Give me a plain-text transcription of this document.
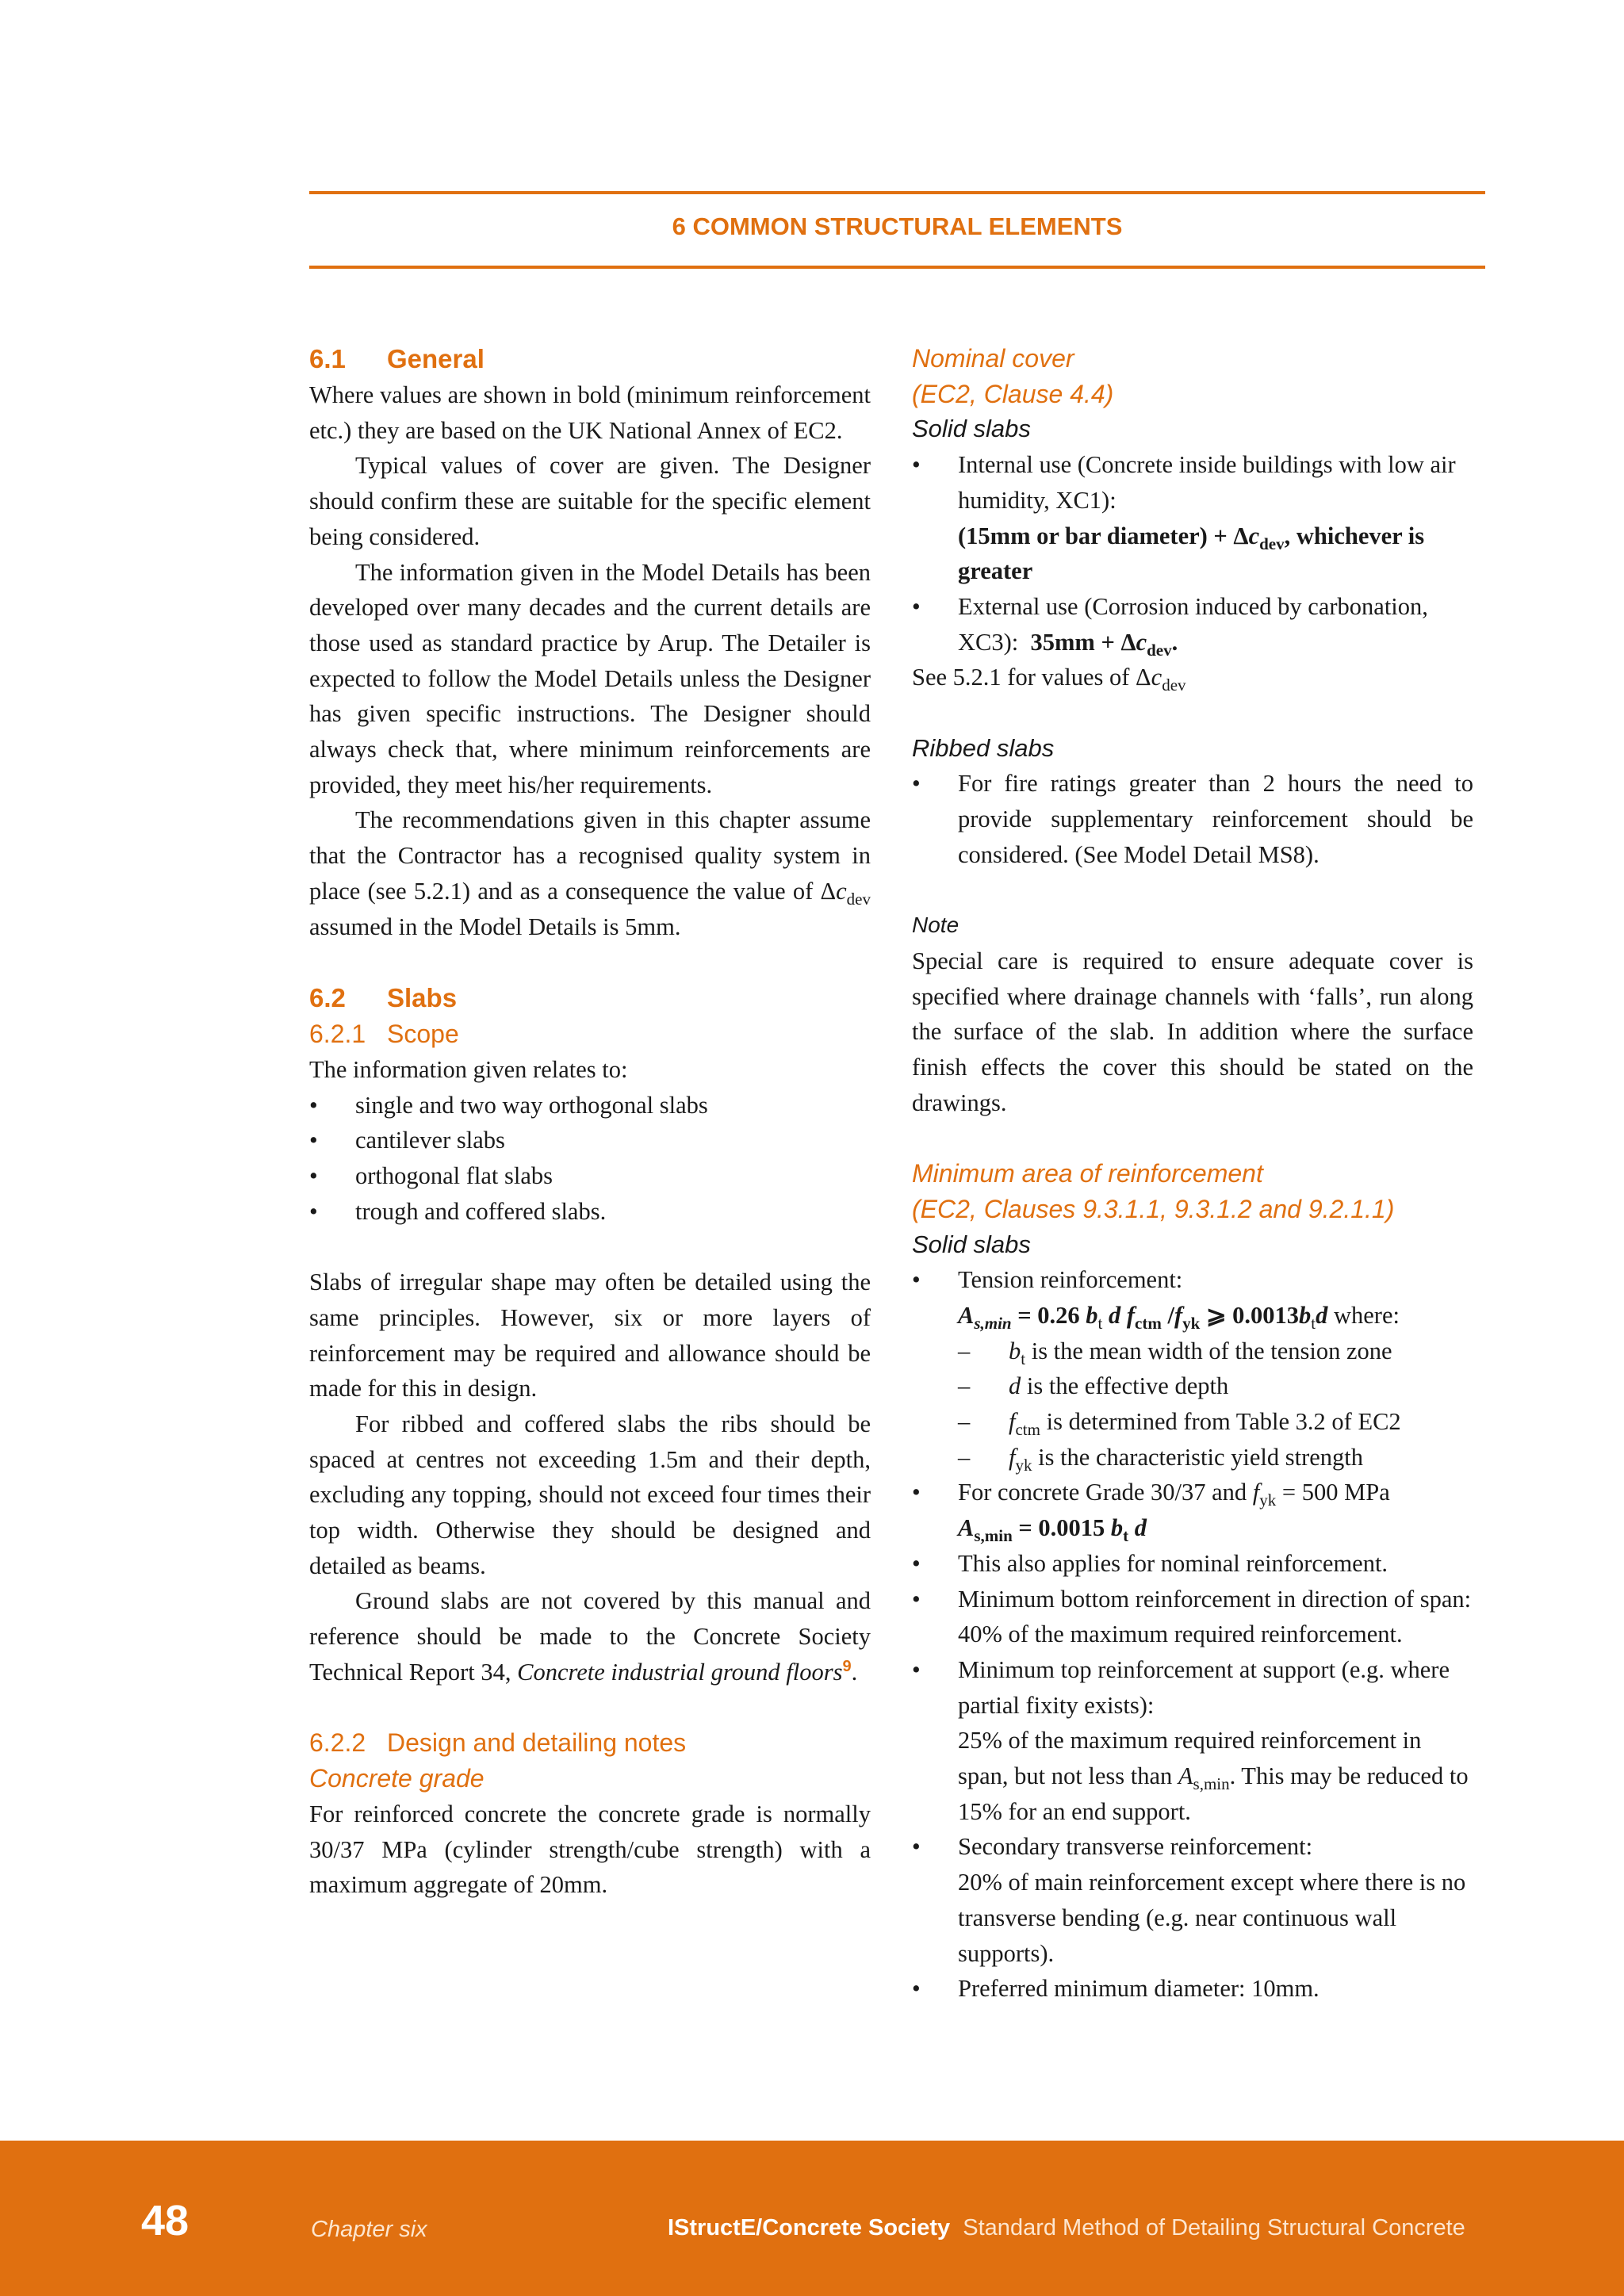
6 COMMON STRUCTURAL ELEMENTS
6.1 General

Where values are shown in bold (minimum reinforcement etc.) they are based on the UK National Annex of EC2.

Typical values of cover are given. The Designer should confirm these are suitable for the specific element being considered.

The information given in the Model Details has been developed over many decades and the current details are those used as standard practice by Arup. The Detailer is expected to follow the Model Details unless the Designer has given specific instructions. The Designer should always check that, where minimum reinforcements are provided, they meet his/her requirements.

The recommendations given in this chapter assume that the Contractor has a recognised quality system in place (see 5.2.1) and as a consequence the value of $\Delta c_{dev}$ assumed in the Model Details is 5mm.

6.2 Slabs
6.2.1 Scope

The information given relates to:

• single and two way orthogonal slabs
• cantilever slabs
• orthogonal flat slabs
• trough and coffered slabs.

Slabs of irregular shape may often be detailed using the same principles. However, six or more layers of reinforcement may be required and allowance should be made for this in design.

For ribbed and coffered slabs the ribs should be spaced at centres not exceeding 1.5m and their depth, excluding any topping, should not exceed four times their top width. Otherwise they should be designed and detailed as beams.

Ground slabs are not covered by this manual and reference should be made to the Concrete Society Technical Report 34, Concrete industrial ground floors$^9$.

6.2.2 Design and detailing notes
Concrete grade

For reinforced concrete the concrete grade is normally 30/37 MPa (cylinder strength/cube strength) with a maximum aggregate of 20mm.

Nominal cover
(EC2, Clause 4.4)
Solid slabs
• Internal use (Concrete inside buildings with low air humidity, XC1):
(15mm or bar diameter) + $\Delta c_{dev}$, whichever is greater
• External use (Corrosion induced by carbonation, XC3): $35mm + \Delta c_{dev}$.

See 5.2.1 for values of $\Delta c_{dev}$

Ribbed slabs
• For fire ratings greater than 2 hours the need to provide supplementary reinforcement should be considered. (See Model Detail MS8).
Note

Special care is required to ensure adequate cover is specified where drainage channels with ‘falls’, run along the surface of the slab. In addition where the surface finish effects the cover this should be stated on the drawings.

Minimum area of reinforcement
(EC2, Clauses 9.3.1.1, 9.3.1.2 and 9.2.1.1)
Solid slabs
• Tension reinforcement:
$A_{s,min} = 0.26$ $b_t$ d $f_{ctm}$ $/f_{yk}$ ⩾ $0.0013b_td$ where:
– $b_t$ is the mean width of the tension zone
– d is the effective depth
– $f_{ctm}$ is determined from Table 3.2 of EC2
– $f_{yk}$ is the characteristic yield strength
• For concrete Grade 30/37 and $f_{yk} = 500$ MPa
$A_{s,min} = 0.0015$ $b_t$ d
• This also applies for nominal reinforcement.
• Minimum bottom reinforcement in direction of span:
40% of the maximum required reinforcement.
• Minimum top reinforcement at support (e.g. where partial fixity exists):
25% of the maximum required reinforcement in span, but not less than $A_{s,min}$. This may be reduced to 15% for an end support.
• Secondary transverse reinforcement:
20% of main reinforcement except where there is no transverse bending (e.g. near continuous wall supports).
• Preferred minimum diameter: 10mm.
48	Chapter six	IStructE/Concrete Society Standard Method of Detailing Structural Concrete
